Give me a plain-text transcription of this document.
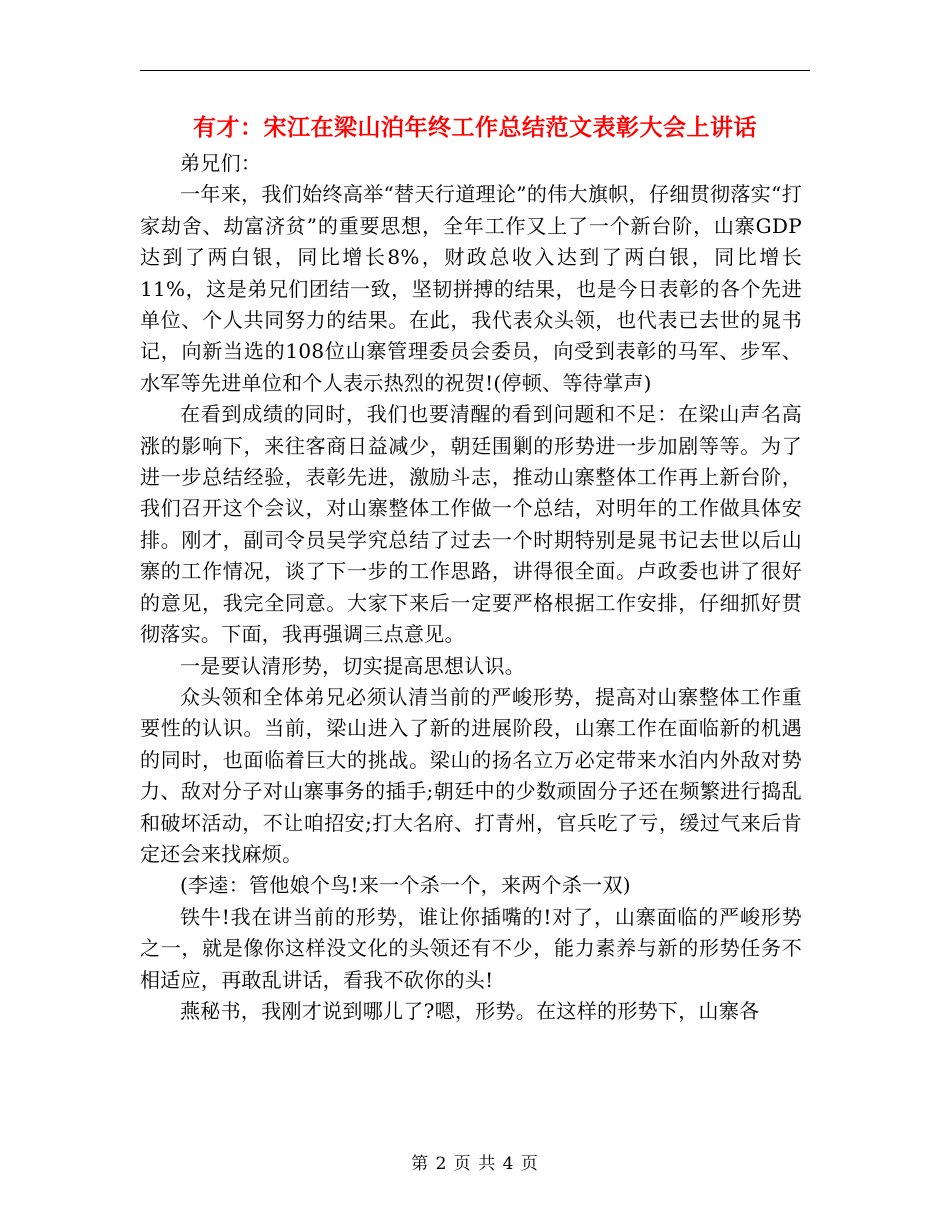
有才：宋江在梁山泊年终工作总结范文表彰大会上讲话

弟兄们：

一年来，我们始终高举“替天行道理论”的伟大旗帜，仔细贯彻落实“打家劫舍、劫富济贫”的重要思想，全年工作又上了一个新台阶，山寨GDP达到了两白银，同比增长8%，财政总收入达到了两白银，同比增长11%，这是弟兄们团结一致，坚韧拼搏的结果，也是今日表彰的各个先进单位、个人共同努力的结果。在此，我代表众头领，也代表已去世的晁书记，向新当选的108位山寨管理委员会委员，向受到表彰的马军、步军、水军等先进单位和个人表示热烈的祝贺!(停顿、等待掌声)

在看到成绩的同时，我们也要清醒的看到问题和不足：在梁山声名高涨的影响下，来往客商日益减少，朝廷围剿的形势进一步加剧等等。为了进一步总结经验，表彰先进，激励斗志，推动山寨整体工作再上新台阶，我们召开这个会议，对山寨整体工作做一个总结，对明年的工作做具体安排。刚才，副司令员吴学究总结了过去一个时期特别是晁书记去世以后山寨的工作情况，谈了下一步的工作思路，讲得很全面。卢政委也讲了很好的意见，我完全同意。大家下来后一定要严格根据工作安排，仔细抓好贯彻落实。下面，我再强调三点意见。

一是要认清形势，切实提高思想认识。

众头领和全体弟兄必须认清当前的严峻形势，提高对山寨整体工作重要性的认识。当前，梁山进入了新的进展阶段，山寨工作在面临新的机遇的同时，也面临着巨大的挑战。梁山的扬名立万必定带来水泊内外敌对势力、敌对分子对山寨事务的插手;朝廷中的少数顽固分子还在频繁进行捣乱和破坏活动，不让咱招安;打大名府、打青州，官兵吃了亏，缓过气来后肯定还会来找麻烦。

(李逵：管他娘个鸟!来一个杀一个，来两个杀一双)

铁牛!我在讲当前的形势，谁让你插嘴的!对了，山寨面临的严峻形势之一，就是像你这样没文化的头领还有不少，能力素养与新的形势任务不相适应，再敢乱讲话，看我不砍你的头!

燕秘书，我刚才说到哪儿了?嗯，形势。在这样的形势下，山寨各

第 2 页 共 4 页
